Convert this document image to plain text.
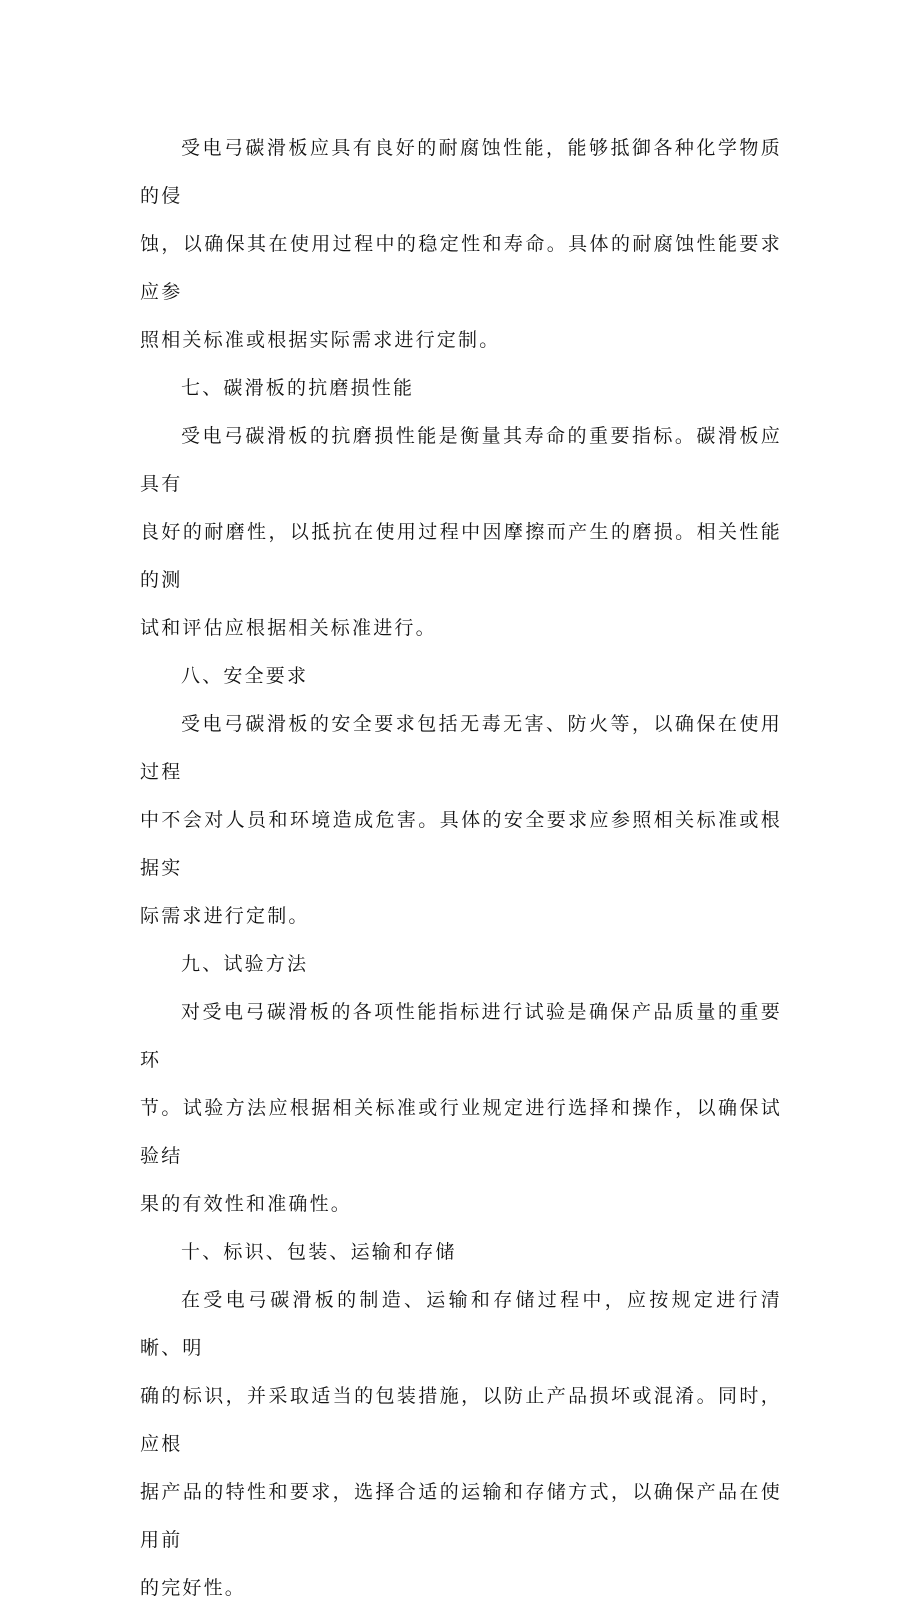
受电弓碳滑板应具有良好的耐腐蚀性能，能够抵御各种化学物质的侵
蚀，以确保其在使用过程中的稳定性和寿命。具体的耐腐蚀性能要求应参
照相关标准或根据实际需求进行定制。

七、碳滑板的抗磨损性能

受电弓碳滑板的抗磨损性能是衡量其寿命的重要指标。碳滑板应具有
良好的耐磨性，以抵抗在使用过程中因摩擦而产生的磨损。相关性能的测
试和评估应根据相关标准进行。

八、安全要求

受电弓碳滑板的安全要求包括无毒无害、防火等，以确保在使用过程
中不会对人员和环境造成危害。具体的安全要求应参照相关标准或根据实
际需求进行定制。

九、试验方法

对受电弓碳滑板的各项性能指标进行试验是确保产品质量的重要环
节。试验方法应根据相关标准或行业规定进行选择和操作，以确保试验结
果的有效性和准确性。

十、标识、包装、运输和存储

在受电弓碳滑板的制造、运输和存储过程中，应按规定进行清晰、明
确的标识，并采取适当的包装措施，以防止产品损坏或混淆。同时，应根
据产品的特性和要求，选择合适的运输和存储方式，以确保产品在使用前
的完好性。
